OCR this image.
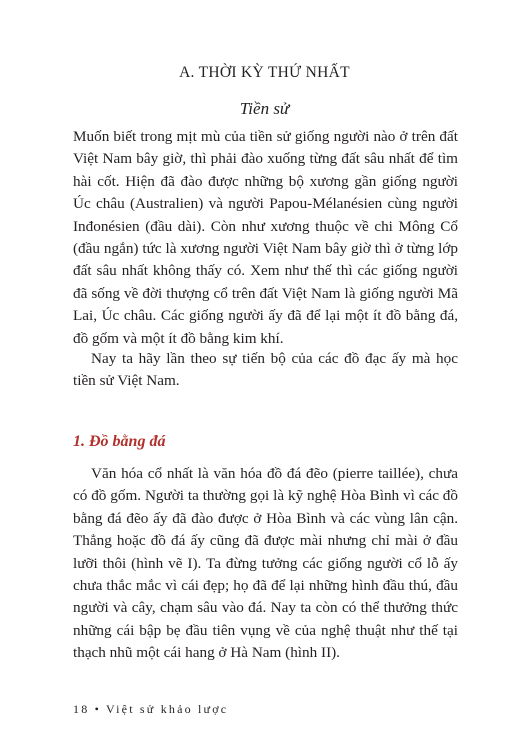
A. THỜI KỲ THỨ NHẤT
Tiền sử

Muốn biết trong mịt mù của tiền sử giống người nào ở trên đất Việt Nam bây giờ, thì phải đào xuống từng đất sâu nhất để tìm hài cốt. Hiện đã đào được những bộ xương gần giống người Úc châu (Australien) và người Papou-Mélanésien cùng người Inđonésien (đầu dài). Còn như xương thuộc về chi Mông Cổ (đầu ngắn) tức là xương người Việt Nam bây giờ thì ở từng lớp đất sâu nhất không thấy có. Xem như thế thì các giống người đã sống về đời thượng cổ trên đất Việt Nam là giống người Mã Lai, Úc châu. Các giống người ấy đã để lại một ít đồ bằng đá, đồ gốm và một ít đồ bằng kim khí.

Nay ta hãy lần theo sự tiến bộ của các đồ đạc ấy mà học tiền sử Việt Nam.

1. Đồ bằng đá

Văn hóa cổ nhất là văn hóa đồ đá đẽo (pierre taillée), chưa có đồ gốm. Người ta thường gọi là kỹ nghệ Hòa Bình vì các đồ bằng đá đẽo ấy đã đào được ở Hòa Bình và các vùng lân cận. Thẳng hoặc đồ đá ấy cũng đã được mài nhưng chỉ mài ở đầu lưỡi thôi (hình vẽ I). Ta đừng tưởng các giống người cổ lỗ ấy chưa thắc mắc vì cái đẹp; họ đã để lại những hình đầu thú, đầu người và cây, chạm sâu vào đá. Nay ta còn có thể thưởng thức những cái bập bẹ đầu tiên vụng về của nghệ thuật như thế tại thạch nhũ một cái hang ở Hà Nam (hình II).

18 • Việt sử khảo lược
